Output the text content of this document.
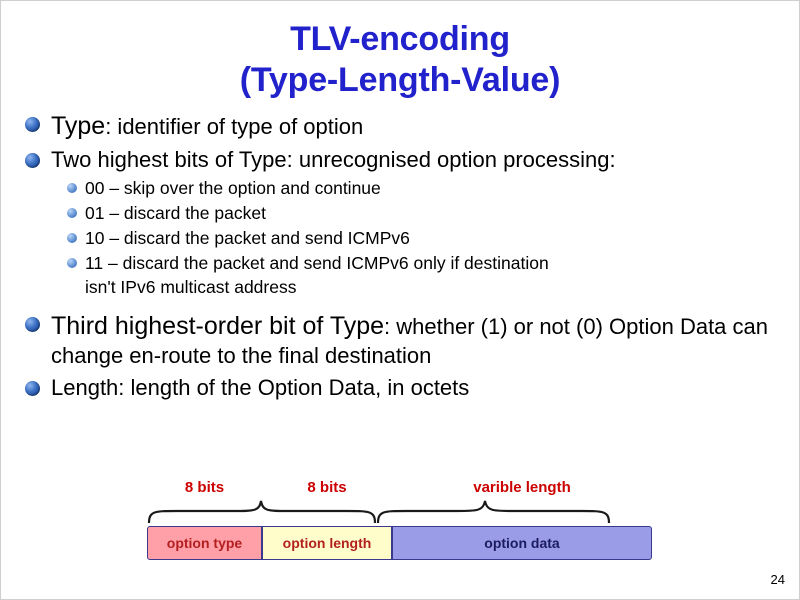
TLV-encoding
(Type-Length-Value)
Type: identifier of type of option
Two highest bits of Type: unrecognised option processing:
00 – skip over the option and continue
01 – discard the packet
10 – discard the packet and send ICMPv6
11 – discard the packet and send ICMPv6 only if destination
isn't IPv6 multicast address
Third highest-order bit of Type: whether (1) or not (0) Option Data can change en-route to the final destination
Length: length of the Option Data, in octets
8 bits	8 bits	varible length
option type	option length	option data
24
